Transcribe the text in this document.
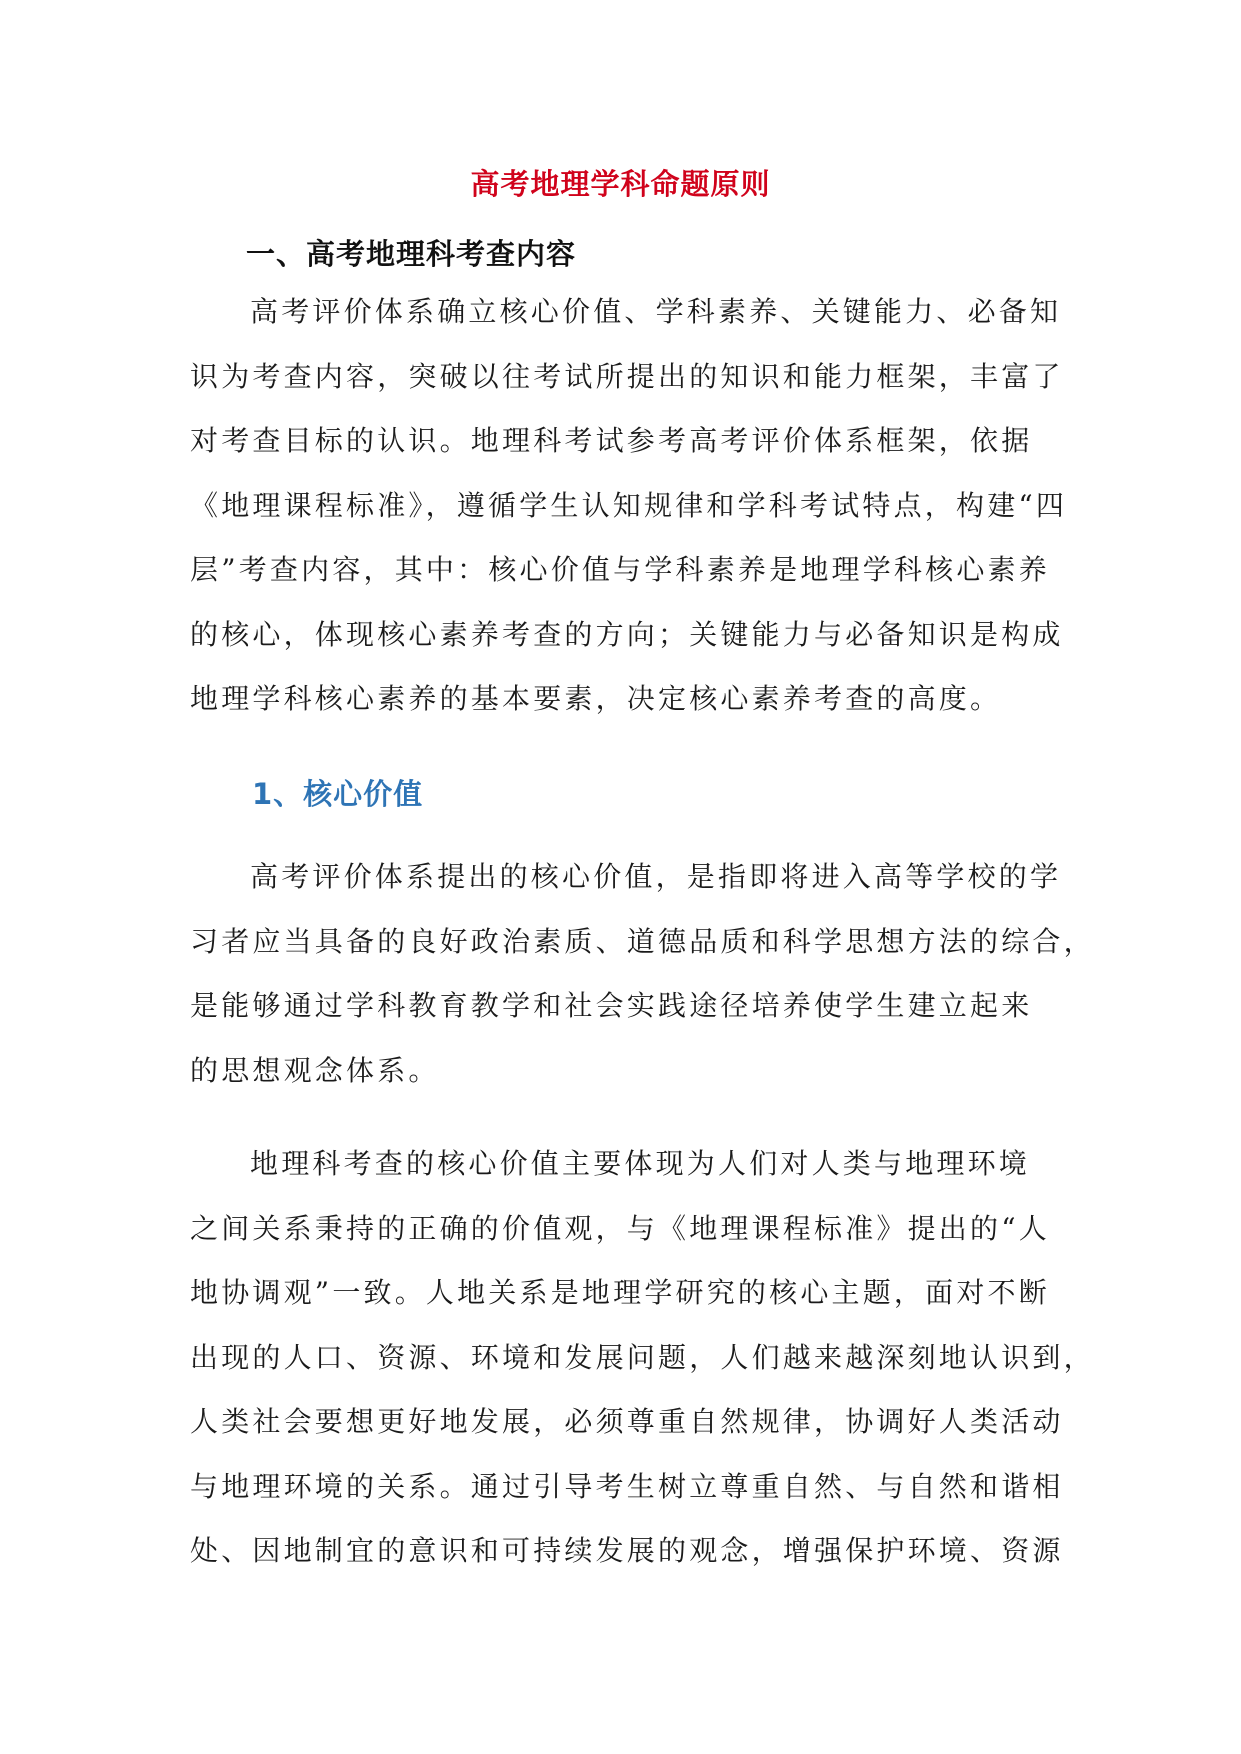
高考地理学科命题原则
一、高考地理科考查内容
高考评价体系确立核心价值、学科素养、关键能力、必备知
识为考查内容，突破以往考试所提出的知识和能力框架，丰富了
对考查目标的认识。地理科考试参考高考评价体系框架，依据
《地理课程标准》，遵循学生认知规律和学科考试特点，构建“四
层”考查内容，其中：核心价值与学科素养是地理学科核心素养
的核心，体现核心素养考查的方向；关键能力与必备知识是构成
地理学科核心素养的基本要素，决定核心素养考查的高度。
1、核心价值
高考评价体系提出的核心价值，是指即将进入高等学校的学
习者应当具备的良好政治素质、道德品质和科学思想方法的综合，
是能够通过学科教育教学和社会实践途径培养使学生建立起来
的思想观念体系。
地理科考查的核心价值主要体现为人们对人类与地理环境
之间关系秉持的正确的价值观，与《地理课程标准》提出的“人
地协调观”一致。人地关系是地理学研究的核心主题，面对不断
出现的人口、资源、环境和发展问题，人们越来越深刻地认识到，
人类社会要想更好地发展，必须尊重自然规律，协调好人类活动
与地理环境的关系。通过引导考生树立尊重自然、与自然和谐相
处、因地制宜的意识和可持续发展的观念，增强保护环境、资源
